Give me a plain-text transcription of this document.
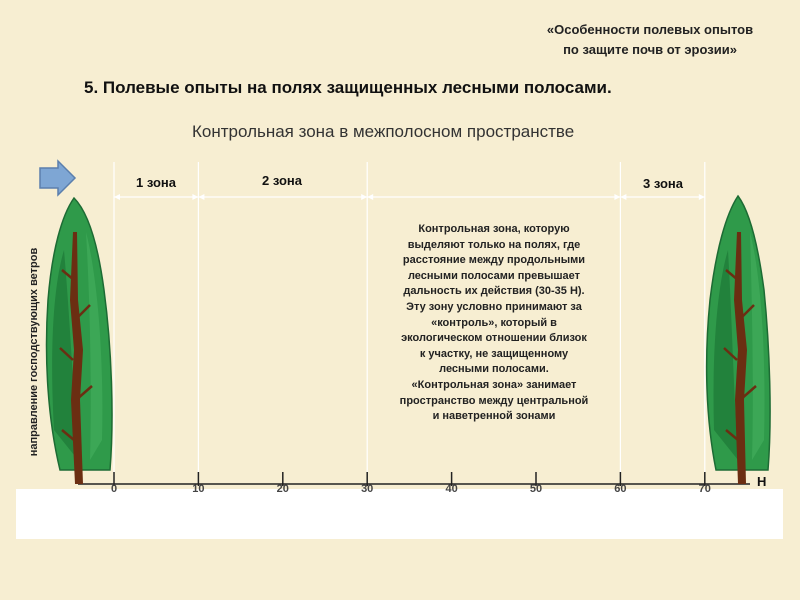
«Особенности полевых опытов
по защите почв от эрозии»
5. Полевые опыты на полях защищенных лесными полосами.
Контрольная зона в межполосном пространстве
1 зона	2 зона	3 зона
Контрольная зона, которую
выделяют только на полях, где
расстояние между продольными
лесными полосами превышает
дальность их действия (30-35 Н).
Эту зону условно принимают за
«контроль», который в
экологическом отношении близок
к участку, не защищенному
лесными полосами.
«Контрольная зона» занимает
пространство между центральной
и наветренной зонами
направление господствующих ветров
0	10	20	30	40	50	60	70	Н
